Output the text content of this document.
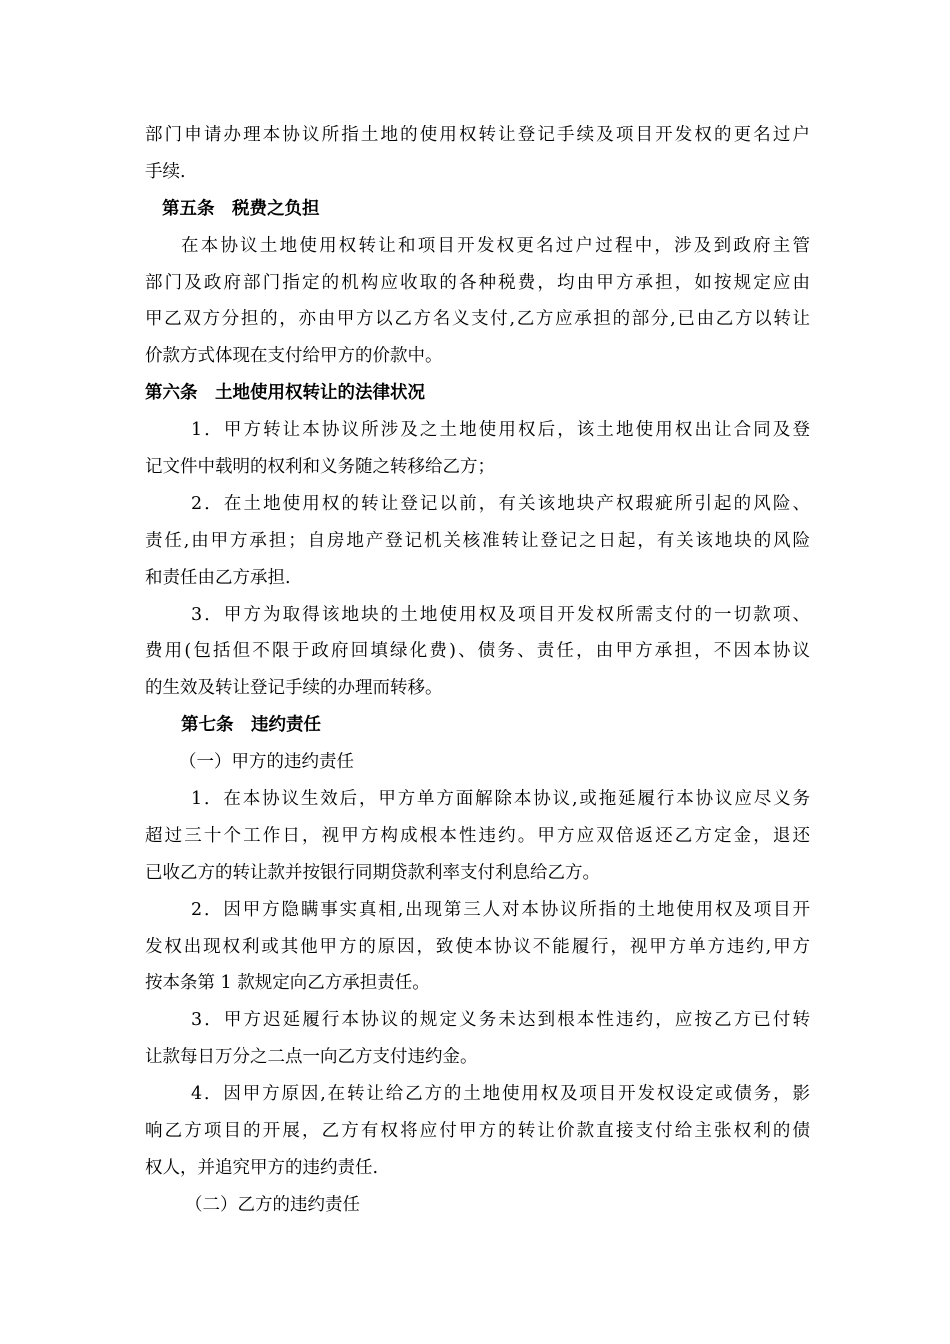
部门申请办理本协议所指土地的使用权转让登记手续及项目开发权的更名过户
手续.
第五条　税费之负担
在本协议土地使用权转让和项目开发权更名过户过程中，涉及到政府主管
部门及政府部门指定的机构应收取的各种税费，均由甲方承担，如按规定应由
甲乙双方分担的，亦由甲方以乙方名义支付,乙方应承担的部分,已由乙方以转让
价款方式体现在支付给甲方的价款中。
第六条　土地使用权转让的法律状况
1．甲方转让本协议所涉及之土地使用权后，该土地使用权出让合同及登
记文件中载明的权利和义务随之转移给乙方；
2．在土地使用权的转让登记以前，有关该地块产权瑕疵所引起的风险、
责任,由甲方承担；自房地产登记机关核准转让登记之日起，有关该地块的风险
和责任由乙方承担.
3．甲方为取得该地块的土地使用权及项目开发权所需支付的一切款项、
费用(包括但不限于政府回填绿化费)、债务、责任，由甲方承担，不因本协议
的生效及转让登记手续的办理而转移。
第七条　违约责任
（一）甲方的违约责任
1．在本协议生效后，甲方单方面解除本协议,或拖延履行本协议应尽义务
超过三十个工作日，视甲方构成根本性违约。甲方应双倍返还乙方定金，退还
已收乙方的转让款并按银行同期贷款利率支付利息给乙方。
2．因甲方隐瞒事实真相,出现第三人对本协议所指的土地使用权及项目开
发权出现权利或其他甲方的原因，致使本协议不能履行，视甲方单方违约,甲方
按本条第 1 款规定向乙方承担责任。
3．甲方迟延履行本协议的规定义务未达到根本性违约，应按乙方已付转
让款每日万分之二点一向乙方支付违约金。
4．因甲方原因,在转让给乙方的土地使用权及项目开发权设定或债务，影
响乙方项目的开展，乙方有权将应付甲方的转让价款直接支付给主张权利的债
权人，并追究甲方的违约责任.
（二）乙方的违约责任
